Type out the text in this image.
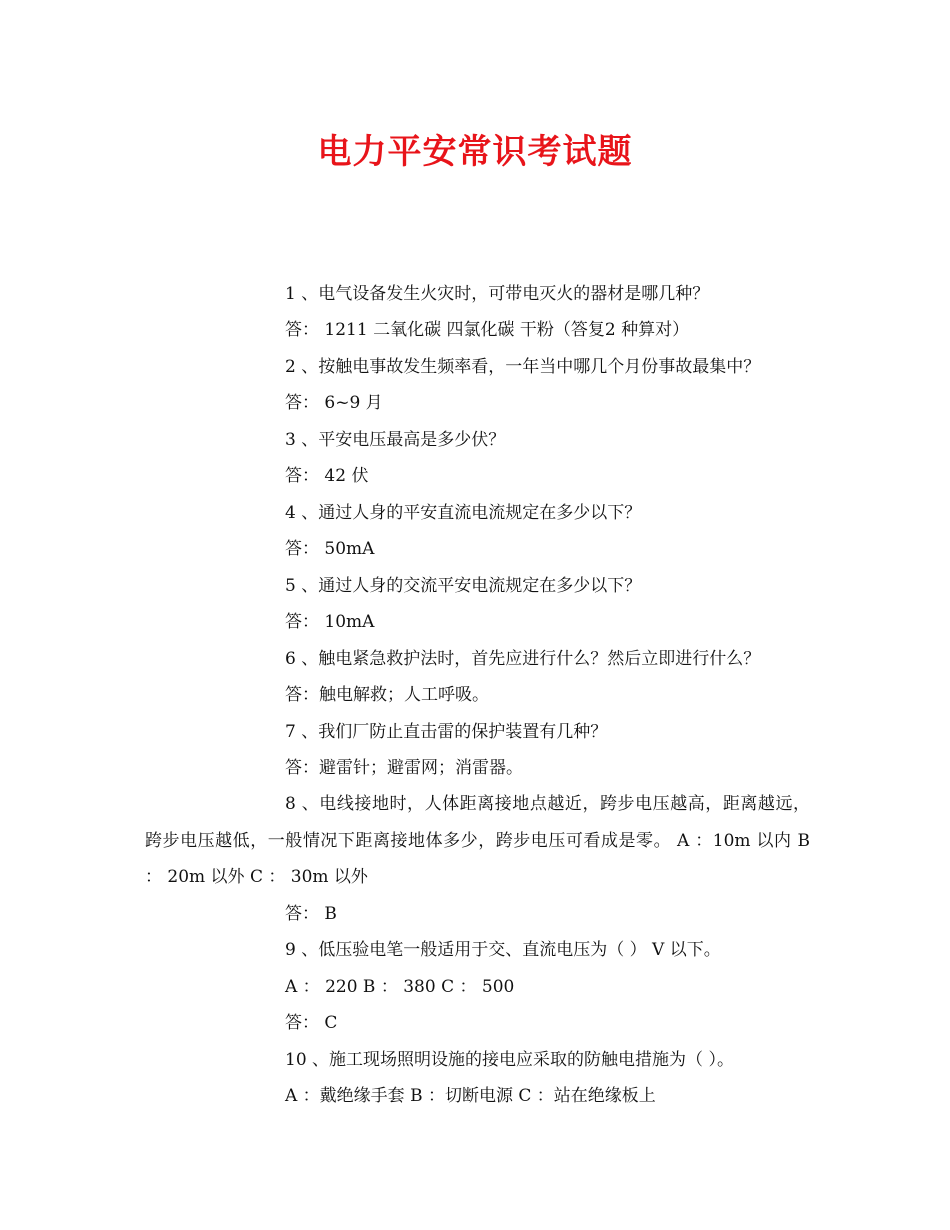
电力平安常识考试题
1 、电气设备发生火灾时，可带电灭火的器材是哪几种？
答： 1211 二氧化碳 四氯化碳 干粉（答复2 种算对）
2 、按触电事故发生频率看，一年当中哪几个月份事故最集中？
答： 6~9 月
3 、平安电压最高是多少伏？
答： 42 伏
4 、通过人身的平安直流电流规定在多少以下？
答： 50mA
5 、通过人身的交流平安电流规定在多少以下？
答： 10mA
6 、触电紧急救护法时，首先应进行什么？然后立即进行什么？
答：触电解救；人工呼吸。
7 、我们厂防止直击雷的保护装置有几种？
答：避雷针；避雷网；消雷器。
8 、电线接地时，人体距离接地点越近，跨步电压越高，距离越远，跨步电压越低，一般情况下距离接地体多少，跨步电压可看成是零。 A ：10m 以内 B ： 20m 以外 C ： 30m 以外
答： B
9 、低压验电笔一般适用于交、直流电压为（ ） V 以下。
A ： 220 B ： 380 C ： 500
答： C
10 、施工现场照明设施的接电应采取的防触电措施为（ ）。
A ：戴绝缘手套 B ：切断电源 C ：站在绝缘板上
